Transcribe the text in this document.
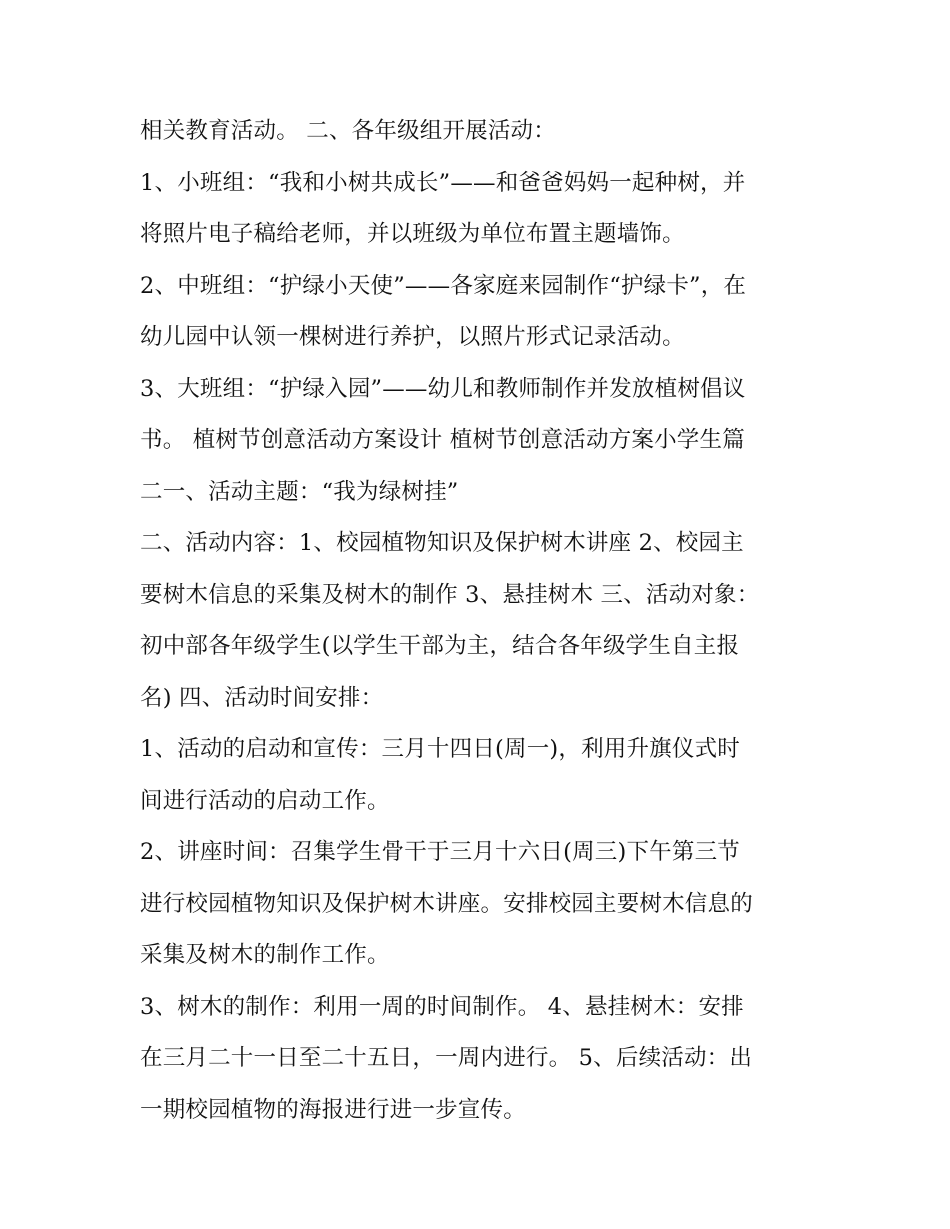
相关教育活动。 二、各年级组开展活动：
1、小班组：“我和小树共成长”——和爸爸妈妈一起种树，并
将照片电子稿给老师，并以班级为单位布置主题墙饰。
2、中班组：“护绿小天使”——各家庭来园制作“护绿卡”，在
幼儿园中认领一棵树进行养护，以照片形式记录活动。
3、大班组：“护绿入园”——幼儿和教师制作并发放植树倡议
书。 植树节创意活动方案设计 植树节创意活动方案小学生篇
二一、活动主题：“我为绿树挂”
二、活动内容：1、校园植物知识及保护树木讲座 2、校园主
要树木信息的采集及树木的制作 3、悬挂树木 三、活动对象：
初中部各年级学生(以学生干部为主，结合各年级学生自主报
名) 四、活动时间安排：
1、活动的启动和宣传：三月十四日(周一)，利用升旗仪式时
间进行活动的启动工作。
2、讲座时间：召集学生骨干于三月十六日(周三)下午第三节
进行校园植物知识及保护树木讲座。安排校园主要树木信息的
采集及树木的制作工作。
3、树木的制作：利用一周的时间制作。 4、悬挂树木：安排
在三月二十一日至二十五日，一周内进行。 5、后续活动：出
一期校园植物的海报进行进一步宣传。
